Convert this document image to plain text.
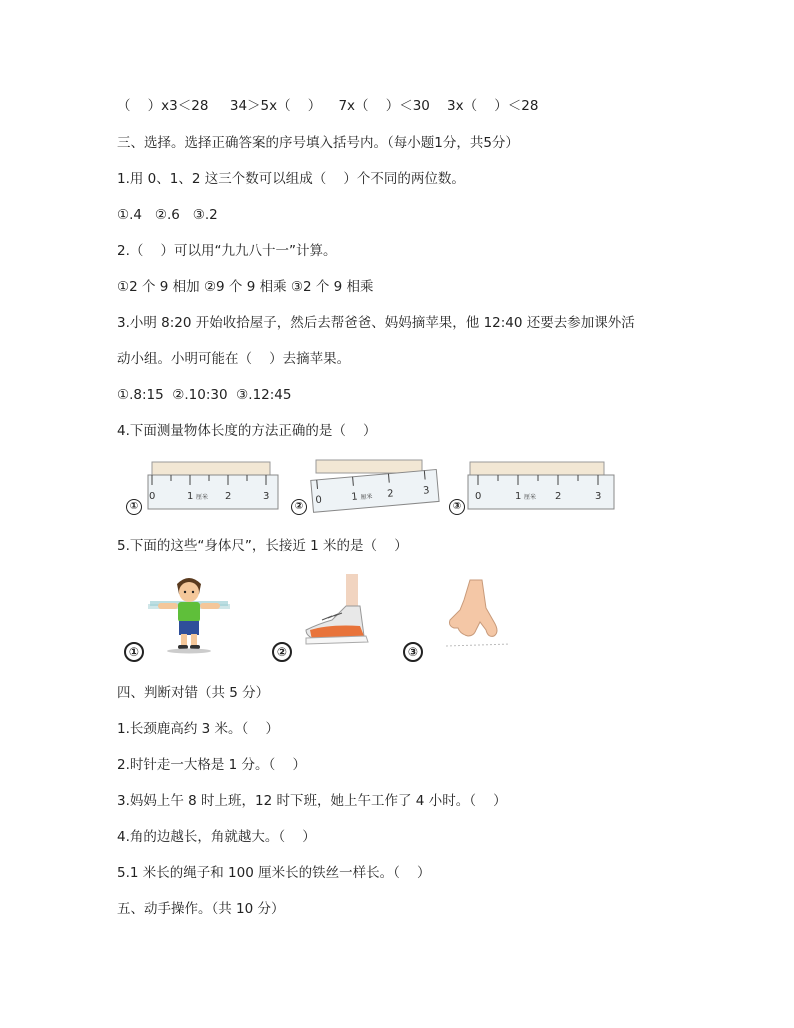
（    ）x3＜28     34＞5x（    ）    7x（    ）＜30    3x（    ）＜28
三、选择。选择正确答案的序号填入括号内。（每小题1分，共5分）
1.用 0、1、2 这三个数可以组成（    ）个不同的两位数。
①.4   ②.6   ③.2
2.（    ）可以用“九九八十一”计算。
①2 个 9 相加 ②9 个 9 相乘 ③2 个 9 相乘
3.小明 8:20 开始收拾屋子，然后去帮爸爸、妈妈摘苹果，他 12:40 还要去参加课外活
动小组。小明可能在（    ）去摘苹果。
①.8:15  ②.10:30  ③.12:45
4.下面测量物体长度的方法正确的是（    ）
①
0	1 厘米 2	3
②
0	1 厘米 2	3
③
0	1 厘米 2	3
5.下面的这些“身体尺”，长接近 1 米的是（    ）
①	②	③
四、判断对错（共 5 分）
1.长颈鹿高约 3 米。（    ）
2.时针走一大格是 1 分。（    ）
3.妈妈上午 8 时上班，12 时下班，她上午工作了 4 小时。（    ）
4.角的边越长，角就越大。（    ）
5.1 米长的绳子和 100 厘米长的铁丝一样长。（    ）
五、动手操作。（共 10 分）
